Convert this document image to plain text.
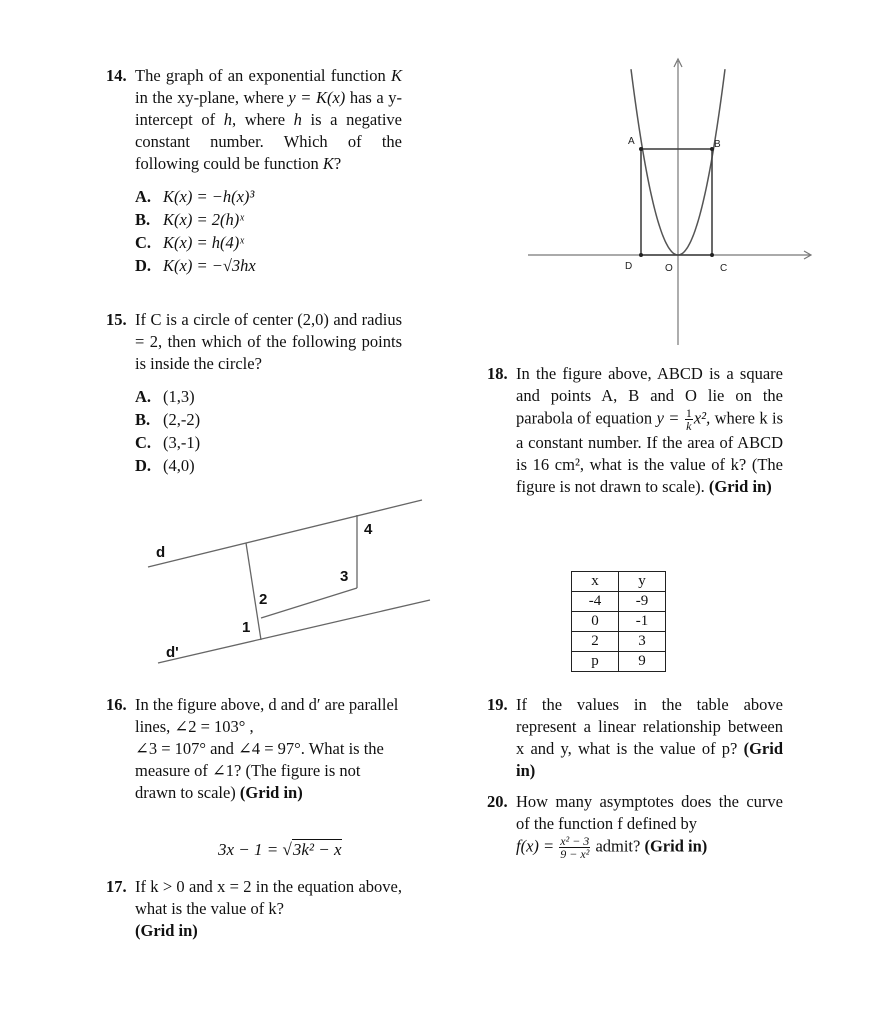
14. The graph of an exponential function K in the xy-plane, where y = K(x) has a y-intercept of h, where h is a negative constant number. Which of the following could be function K?

A. K(x) = −h(x)³
B. K(x) = 2(h)ˣ
C. K(x) = h(4)ˣ
D. K(x) = −√3hx
15. If C is a circle of center (2,0) and radius = 2, then which of the following points is inside the circle?

A. (1,3)
B. (2,-2)
C. (3,-1)
D. (4,0)
d
d'
1
2
3
4
16. In the figure above, d and d′ are parallel lines, ∠2 = 103° ,
∠3 = 107° and ∠4 = 97°. What is the measure of ∠1? (The figure is not drawn to scale) (Grid in)

3x − 1 = √3k² − x
17. If k > 0 and x = 2 in the equation above, what is the value of k?
(Grid in)

A	B
C
D	O
18. In the figure above, ABCD is a square and points A, B and O lie on the parabola of equation $y = \frac{1}{k} x^2$, where k is a constant number. If the area of ABCD is 16 cm², what is the value of k? (The figure is not drawn to scale). (Grid in)

x	y
-4	-9
0	-1
2	3
p	9
19. If the values in the table above represent a linear relationship between x and y, what is the value of p? (Grid in)

20. How many asymptotes does the curve of the function f defined by
$f(x) = \frac{\text{x² − 3}}{\text{9 − x²}}$ admit? (Grid in)
